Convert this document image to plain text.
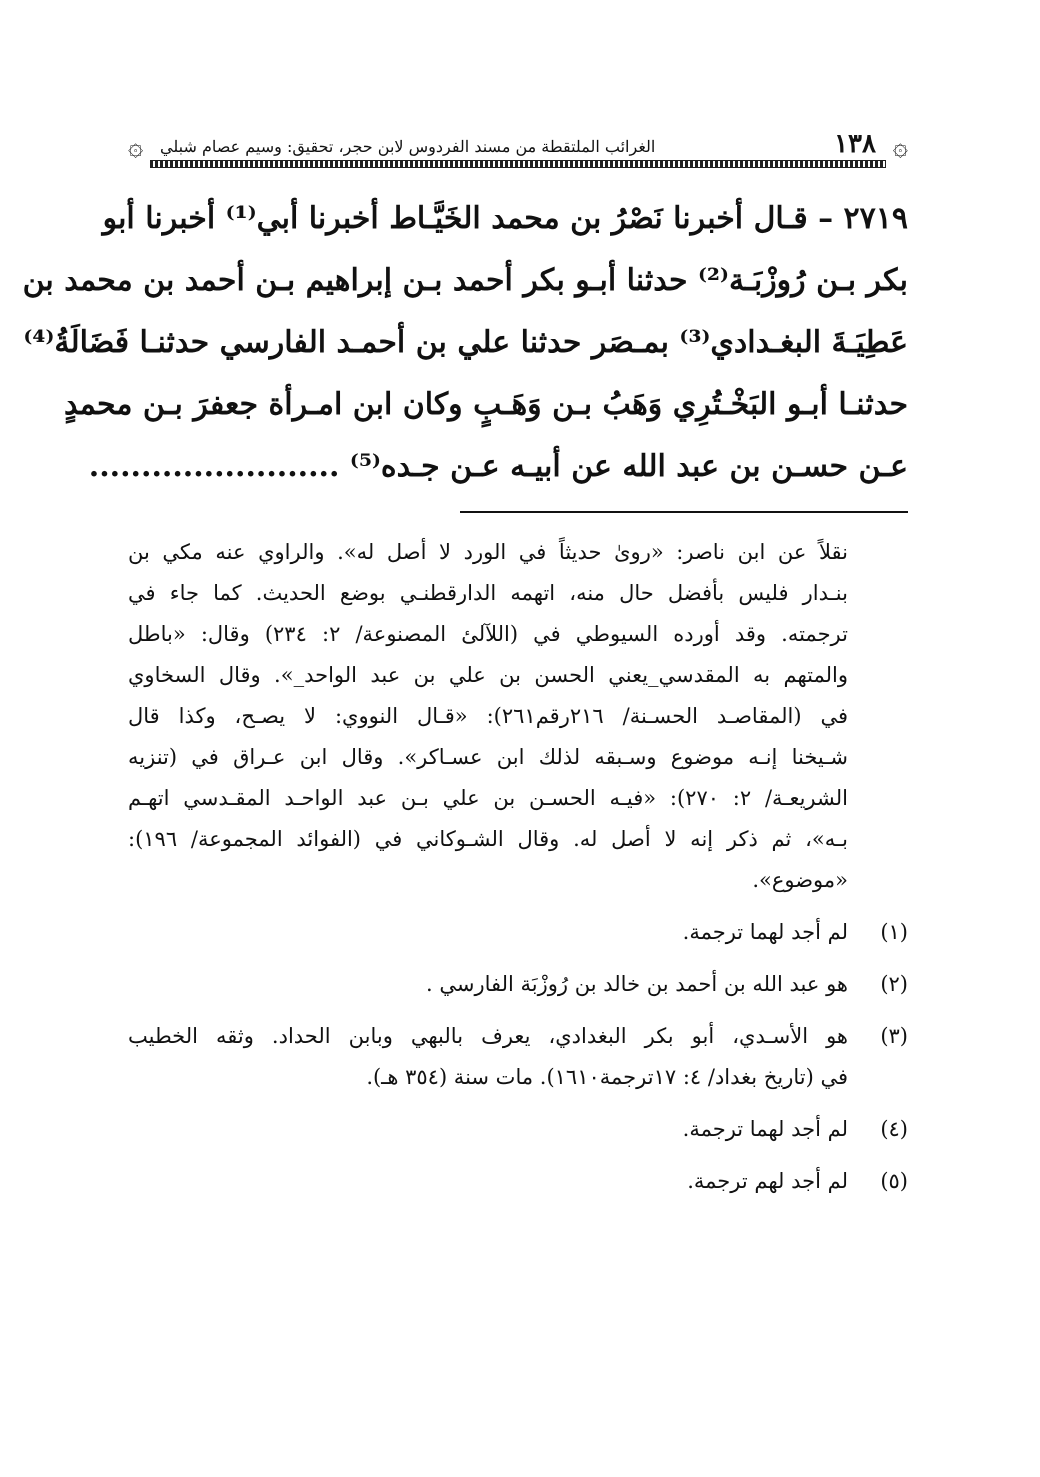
۞	١٣٨
الغرائب الملتقطة من مسند الفردوس لابن حجر، تحقيق: وسيم عصام شبلي	۞
٢٧١٩ – قـال أخبرنا نَصْرُ بن محمد الخَيَّـاط أخبرنا أبي⁽¹⁾ أخبرنا أبو
بكر بـن رُوزْبَـة⁽²⁾ حدثنا أبـو بكر أحمد بـن إبراهيم بـن أحمد بن محمد بن
عَطِيَـةَ البغـدادي⁽³⁾ بمـصَر حدثنا علي بن أحمـد الفارسي حدثنـا فَضَالَةُ⁽⁴⁾
حدثنـا أبـو البَخْـتُرِي وَهَبُ بـن وَهَـبٍ وكان ابن امـرأة جعفرَ بـن محمدٍ
عـن حسـن بن عبد الله عن أبيـه عـن جـده⁽⁵⁾ ........................
نقلاً عن ابن ناصر: «روىٰ حديثاً في الورد لا أصل له». والراوي عنه مكي بن
بنـدار فليس بأفضل حال منه، اتهمه الدارقطنـي بوضع الحديث. كما جاء في
ترجمته. وقد أورده السيوطي في (اللآلئ المصنوعة/ ٢: ٢٣٤) وقال: «باطل
والمتهم به المقدسي_يعني الحسن بن علي بن عبد الواحد_». وقال السخاوي
في (المقاصـد الحسـنة/ ٢١٦رقم٢٦١): «قـال النووي: لا يصـح، وكذا قال
شـيخنا إنـه موضوع وسـبقه لذلك ابن عسـاكر». وقال ابن عـراق في (تنزيه
الشريعـة/ ٢: ٢٧٠): «فيـه الحسـن بن علي بـن عبد الواحـد المقـدسي اتهـم
بـه»، ثم ذكر إنه لا أصل له. وقال الشـوكاني في (الفوائد المجموعة/ ١٩٦):
«موضوع».
(١)
لم أجد لهما ترجمة.
(٢)
هو عبد الله بن أحمد بن خالد بن رُوزْبَة الفارسي .
(٣)
هو الأسـدي، أبو بكر البغدادي، يعرف بالبهي وبابن الحداد. وثقه الخطيب
في (تاريخ بغداد/ ٤: ١٧ترجمة١٦١٠). مات سنة (٣٥٤ هـ).
(٤)
لم أجد لهما ترجمة.
(٥)
لم أجد لهم ترجمة.
